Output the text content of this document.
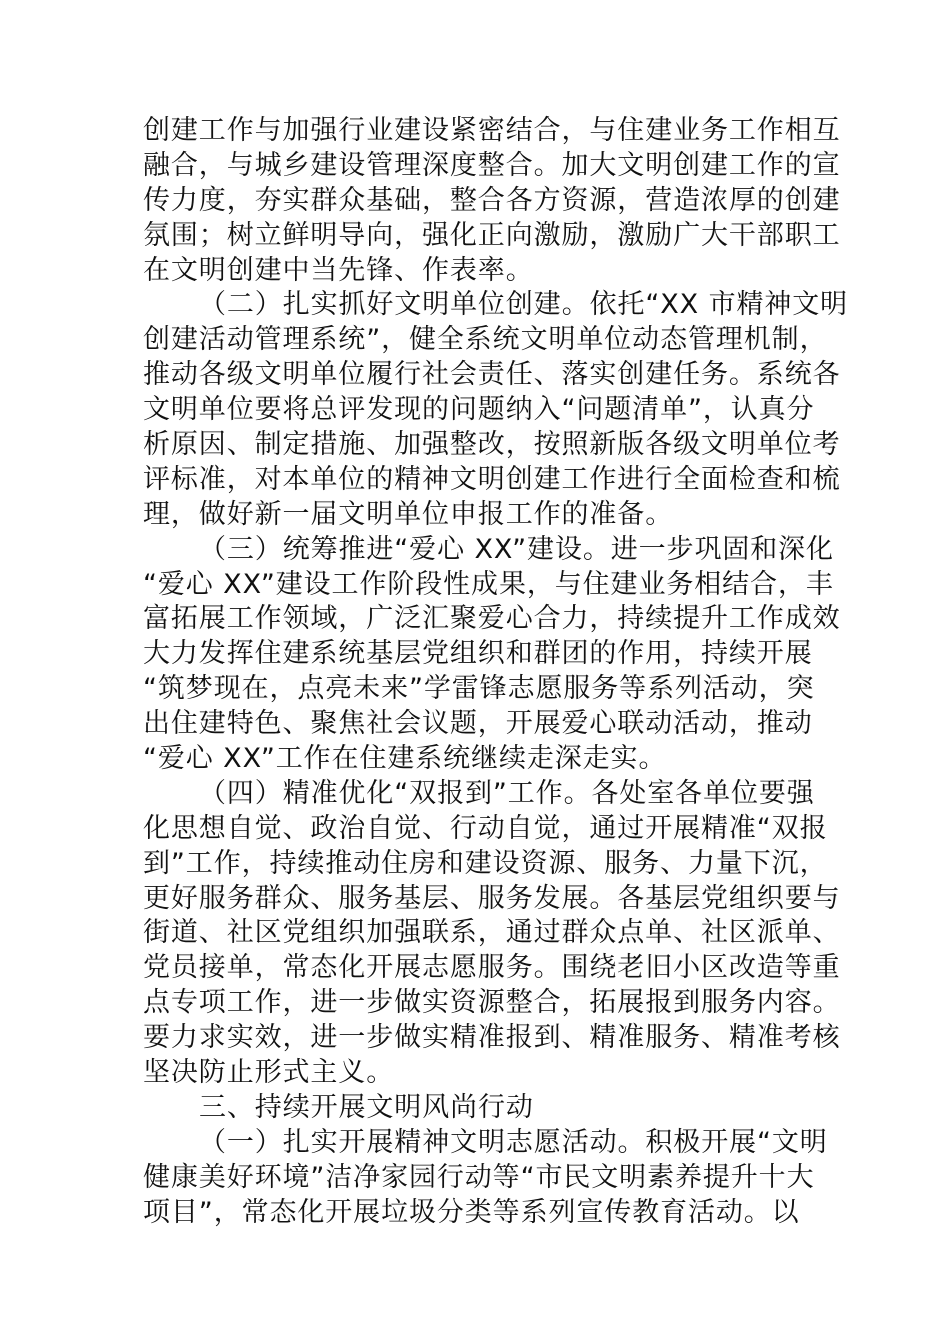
创建工作与加强行业建设紧密结合，与住建业务工作相互
融合，与城乡建设管理深度整合。加大文明创建工作的宣
传力度，夯实群众基础，整合各方资源，营造浓厚的创建
氛围；树立鲜明导向，强化正向激励，激励广大干部职工
在文明创建中当先锋、作表率。
（二）扎实抓好文明单位创建。依托“XX 市精神文明
创建活动管理系统”，健全系统文明单位动态管理机制，
推动各级文明单位履行社会责任、落实创建任务。系统各
文明单位要将总评发现的问题纳入“问题清单”，认真分
析原因、制定措施、加强整改，按照新版各级文明单位考
评标准，对本单位的精神文明创建工作进行全面检查和梳
理，做好新一届文明单位申报工作的准备。
（三）统筹推进“爱心 XX”建设。进一步巩固和深化
“爱心 XX”建设工作阶段性成果，与住建业务相结合，丰
富拓展工作领域，广泛汇聚爱心合力，持续提升工作成效
大力发挥住建系统基层党组织和群团的作用，持续开展
“筑梦现在，点亮未来”学雷锋志愿服务等系列活动，突
出住建特色、聚焦社会议题，开展爱心联动活动，推动
“爱心 XX”工作在住建系统继续走深走实。
（四）精准优化“双报到”工作。各处室各单位要强
化思想自觉、政治自觉、行动自觉，通过开展精准“双报
到”工作，持续推动住房和建设资源、服务、力量下沉，
更好服务群众、服务基层、服务发展。各基层党组织要与
街道、社区党组织加强联系，通过群众点单、社区派单、
党员接单，常态化开展志愿服务。围绕老旧小区改造等重
点专项工作，进一步做实资源整合，拓展报到服务内容。
要力求实效，进一步做实精准报到、精准服务、精准考核
坚决防止形式主义。
三、持续开展文明风尚行动
（一）扎实开展精神文明志愿活动。积极开展“文明
健康美好环境”洁净家园行动等“市民文明素养提升十大
项目”，常态化开展垃圾分类等系列宣传教育活动。以
